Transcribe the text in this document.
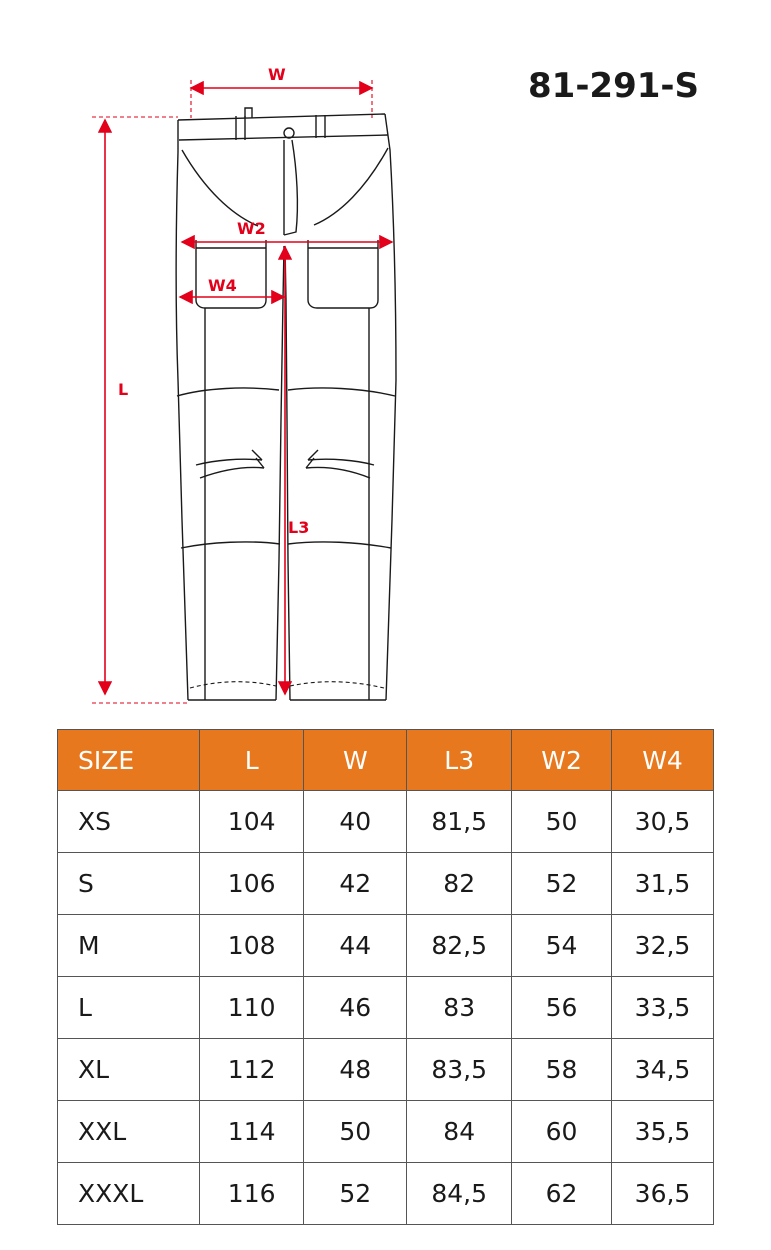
81-291-S
W
W2
W4
L
L3
SIZE	L	W	L3	W2	W4
XS	104	40	81,5	50	30,5
S	106	42	82	52	31,5
M	108	44	82,5	54	32,5
L	110	46	83	56	33,5
XL	112	48	83,5	58	34,5
XXL	114	50	84	60	35,5
XXXL	116	52	84,5	62	36,5
